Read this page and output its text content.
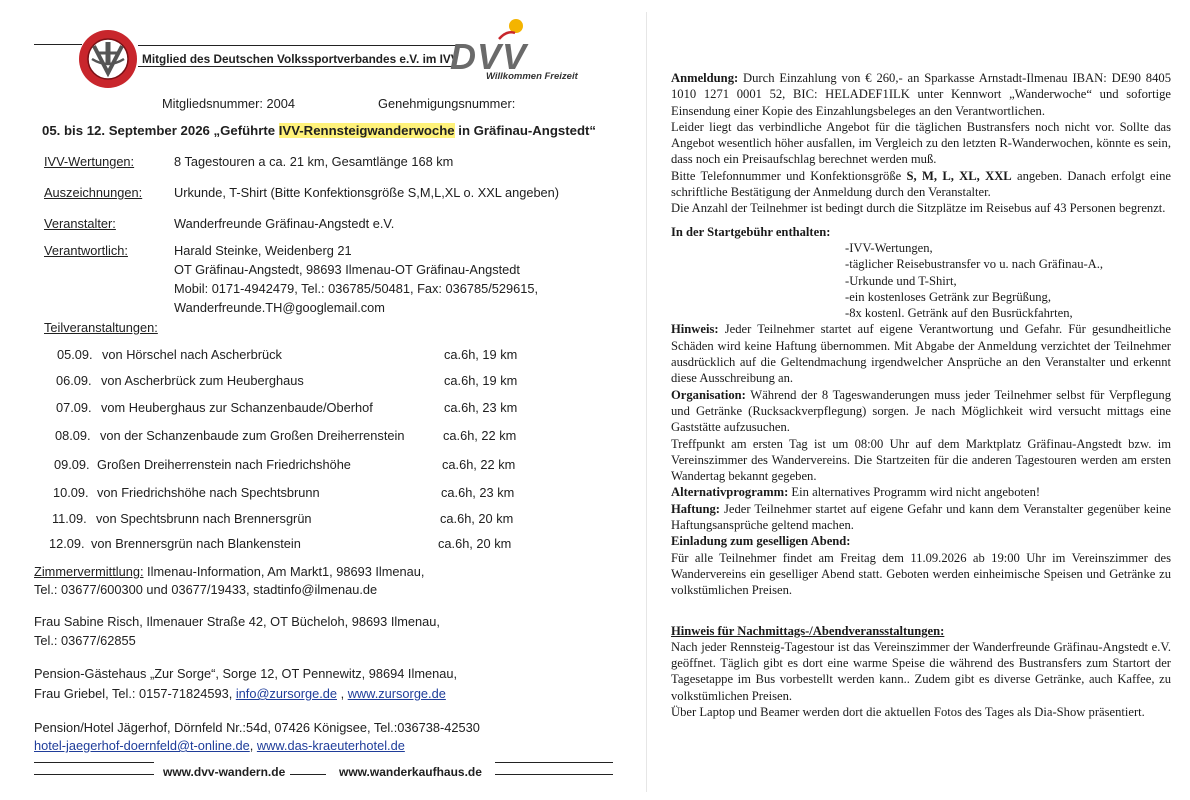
Mitglied des Deutschen Volkssportverbandes e.V. im IVV
DVV
Willkommen Freizeit
Mitgliedsnummer: 2004	Genehmigungsnummer:
05. bis 12. September 2026 „Geführte IVV-Rennsteigwanderwoche in Gräfinau-Angstedt“
IVV-Wertungen:	8 Tagestouren a ca. 21 km, Gesamtlänge 168 km
Auszeichnungen: Urkunde, T-Shirt (Bitte Konfektionsgröße S,M,L,XL o. XXL angeben)
Veranstalter:	Wanderfreunde Gräfinau-Angstedt e.V.
Verantwortlich:	Harald Steinke, Weidenberg 21
OT Gräfinau-Angstedt, 98693 Ilmenau-OT Gräfinau-Angstedt
Mobil: 0171-4942479, Tel.: 036785/50481, Fax: 036785/529615,
Wanderfreunde.TH@googlemail.com
Teilveranstaltungen:
05.09. von Hörschel nach Ascherbrück	ca.6h, 19 km
06.09. von Ascherbrück zum Heuberghaus	ca.6h, 19 km
07.09. vom Heuberghaus zur Schanzenbaude/Oberhof	ca.6h, 23 km
08.09. von der Schanzenbaude zum Großen Dreiherrenstein	ca.6h, 22 km
09.09. Großen Dreiherrenstein nach Friedrichshöhe	ca.6h, 22 km
10.09. von Friedrichshöhe nach Spechtsbrunn	ca.6h, 23 km
11.09. von Spechtsbrunn nach Brennersgrün	ca.6h, 20 km
12.09. von Brennersgrün nach Blankenstein	ca.6h, 20 km
Zimmervermittlung: Ilmenau-Information, Am Markt1, 98693 Ilmenau,
Tel.: 03677/600300 und 03677/19433, stadtinfo@ilmenau.de
Frau Sabine Risch, Ilmenauer Straße 42, OT Bücheloh, 98693 Ilmenau,
Tel.: 03677/62855
Pension-Gästehaus „Zur Sorge“, Sorge 12, OT Pennewitz, 98694 Ilmenau,
Frau Griebel, Tel.: 0157-71824593, info@zursorge.de , www.zursorge.de
Pension/Hotel Jägerhof, Dörnfeld Nr.:54d, 07426 Königsee, Tel.:036738-42530
hotel-jaegerhof-doernfeld@t-online.de, www.das-kraeuterhotel.de
www.dvv-wandern.de	www.wanderkaufhaus.de

Anmeldung: Durch Einzahlung von € 260,- an Sparkasse Arnstadt-Ilmenau IBAN: DE90 8405 1010 1271 0001 52, BIC: HELADEF1ILK unter Kennwort „Wanderwoche“ und sofortige Einsendung einer Kopie des Einzahlungsbeleges an den Verantwortlichen.

Leider liegt das verbindliche Angebot für die täglichen Bustransfers noch nicht vor. Sollte das Angebot wesentlich höher ausfallen, im Vergleich zu den letzten R-Wanderwochen, könnte es sein, dass noch ein Preisaufschlag berechnet werden muß.

Bitte Telefonnummer und Konfektionsgröße S, M, L, XL, XXL angeben. Danach erfolgt eine schriftliche Bestätigung der Anmeldung durch den Veranstalter.

Die Anzahl der Teilnehmer ist bedingt durch die Sitzplätze im Reisebus auf 43 Personen begrenzt.

In der Startgebühr enthalten:

-IVV-Wertungen,

-täglicher Reisebustransfer vo u. nach Gräfinau-A.,

-Urkunde und T-Shirt,

-ein kostenloses Getränk zur Begrüßung,

-8x kostenl. Getränk auf den Busrückfahrten,

Hinweis: Jeder Teilnehmer startet auf eigene Verantwortung und Gefahr. Für gesundheitliche Schäden wird keine Haftung übernommen. Mit Abgabe der Anmeldung verzichtet der Teilnehmer ausdrücklich auf die Geltendmachung irgendwelcher Ansprüche an den Veranstalter und erkennt diese Ausschreibung an.

Organisation: Während der 8 Tageswanderungen muss jeder Teilnehmer selbst für Verpflegung und Getränke (Rucksackverpflegung) sorgen. Je nach Möglichkeit wird versucht mittags eine Gaststätte aufzusuchen.

Treffpunkt am ersten Tag ist um 08:00 Uhr auf dem Marktplatz Gräfinau-Angstedt bzw. im Vereinszimmer des Wandervereins. Die Startzeiten für die anderen Tagestouren werden am ersten Wandertag bekannt gegeben.

Alternativprogramm: Ein alternatives Programm wird nicht angeboten!

Haftung: Jeder Teilnehmer startet auf eigene Gefahr und kann dem Veranstalter gegenüber keine Haftungsansprüche geltend machen.

Einladung zum geselligen Abend:

Für alle Teilnehmer findet am Freitag dem 11.09.2026 ab 19:00 Uhr im Vereinszimmer des Wandervereins ein geselliger Abend statt. Geboten werden einheimische Speisen und Getränke zu volkstümlichen Preisen.

Hinweis für Nachmittags-/Abendveransstaltungen:

Nach jeder Rennsteig-Tagestour ist das Vereinszimmer der Wanderfreunde Gräfinau-Angstedt e.V. geöffnet. Täglich gibt es dort eine warme Speise die während des Bustransfers zum Startort der Tagesetappe im Bus vorbestellt werden kann.. Zudem gibt es diverse Getränke, auch Kaffee, zu volkstümlichen Preisen.

Über Laptop und Beamer werden dort die aktuellen Fotos des Tages als Dia-Show präsentiert.
